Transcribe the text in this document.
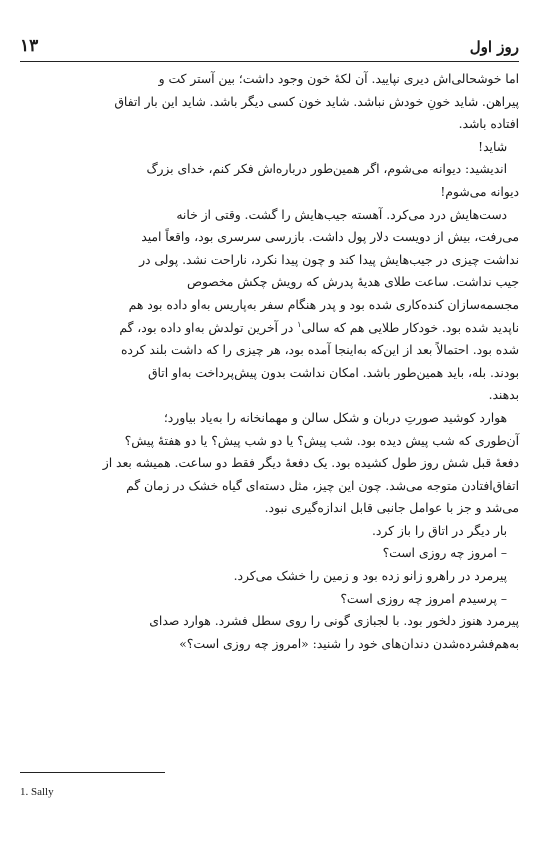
روز اول
۱۳

اما خوشحالی‌اش دیری نپایید. آن لکهٔ خون وجود داشت؛ بین آستر کت و

پیراهن. شاید خونِ خودش نباشد. شاید خون کسی دیگر باشد. شاید این بار اتفاق

افتاده باشد.

شاید!

اندیشید: دیوانه می‌شوم، اگر همین‌طور درباره‌اش فکر کنم، خدای بزرگ

دیوانه می‌شوم!

دست‌هایش درد می‌کرد. آهسته جیب‌هایش را گشت. وقتی از خانه

می‌رفت، بیش از دویست دلار پول داشت. بازرسی سرسری بود، واقعاً امید

نداشت چیزی در جیب‌هایش پیدا کند و چون پیدا نکرد، ناراحت نشد. پولی در

جیب نداشت. ساعت طلای هدیهٔ پدرش که رویش چکش مخصوص

مجسمه‌سازان کنده‌کاری شده بود و پدر هنگام سفر به‌پاریس به‌او داده بود هم

ناپدید شده بود. خودکار طلایی هم که سالی$^۱$ در آخرین تولدش به‌او داده بود، گم

شده بود. احتمالاً بعد از این‌که به‌اینجا آمده بود، هر چیزی را که داشت بلند کرده

بودند. بله، باید همین‌طور باشد. امکان نداشت بدون پیش‌پرداخت به‌او اتاق

بدهند.

هوارد کوشید صورتِ دربان و شکل سالن و مهمانخانه را به‌یاد بیاورد؛

آن‌طوری که شب پیش دیده بود. شب پیش؟ یا دو شب پیش؟ یا دو هفتهٔ پیش؟

دفعهٔ قبل شش روز طول کشیده بود. یک دفعهٔ دیگر فقط دو ساعت. همیشه بعد از

اتفاق‌افتادن متوجه می‌شد. چون این چیز، مثل دسته‌ای گیاه خشک در زمان گم

می‌شد و جز با عوامل جانبی قابل اندازه‌گیری نبود.

بار دیگر در اتاق را باز کرد.

– امروز چه روزی است؟

پیرمرد در راهرو زانو زده بود و زمین را خشک می‌کرد.

– پرسیدم امروز چه روزی است؟

پیرمرد هنوز دلخور بود. با لجبازی گونی را روی سطل فشرد. هوارد صدای

به‌هم‌فشرده‌شدن دندان‌های خود را شنید: «امروز چه روزی است؟»

1. Sally
